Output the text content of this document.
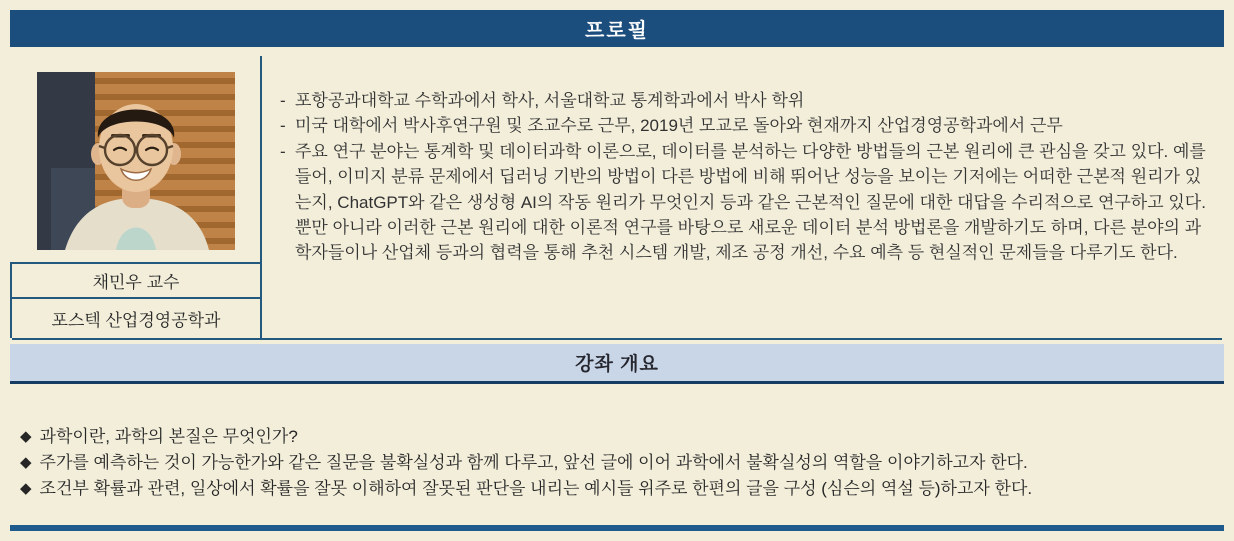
프로필
채민우 교수
포스텍 산업경영공학과
- 포항공과대학교 수학과에서 학사, 서울대학교 통계학과에서 박사 학위
- 미국 대학에서 박사후연구원 및 조교수로 근무, 2019년 모교로 돌아와 현재까지 산업경영공학과에서 근무
- 주요 연구 분야는 통계학 및 데이터과학 이론으로, 데이터를 분석하는 다양한 방법들의 근본 원리에 큰 관심을 갖고 있다. 예를 들어, 이미지 분류 문제에서 딥러닝 기반의 방법이 다른 방법에 비해 뛰어난 성능을 보이는 기저에는 어떠한 근본적 원리가 있는지, ChatGPT와 같은 생성형 AI의 작동 원리가 무엇인지 등과 같은 근본적인 질문에 대한 대답을 수리적으로 연구하고 있다. 뿐만 아니라 이러한 근본 원리에 대한 이론적 연구를 바탕으로 새로운 데이터 분석 방법론을 개발하기도 하며, 다른 분야의 과학자들이나 산업체 등과의 협력을 통해 추천 시스템 개발, 제조 공정 개선, 수요 예측 등 현실적인 문제들을 다루기도 한다.
강좌 개요
◆ 과학이란, 과학의 본질은 무엇인가?
◆ 주가를 예측하는 것이 가능한가와 같은 질문을 불확실성과 함께 다루고, 앞선 글에 이어 과학에서 불확실성의 역할을 이야기하고자 한다.
◆ 조건부 확률과 관련, 일상에서 확률을 잘못 이해하여 잘못된 판단을 내리는 예시들 위주로 한편의 글을 구성 (심슨의 역설 등)하고자 한다.
